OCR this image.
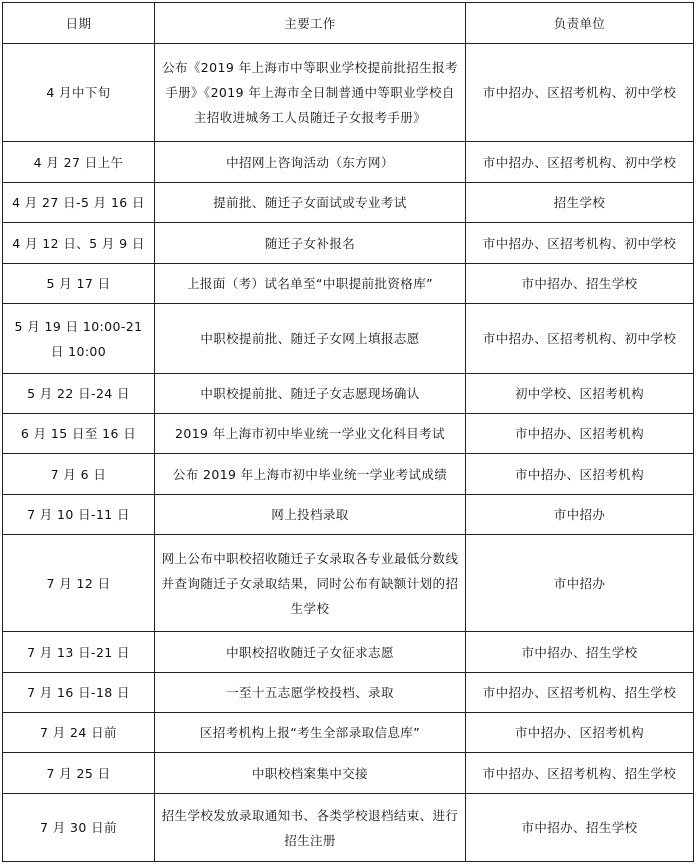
日期	主要工作	负责单位
4 月中下旬	公布《2019 年上海市中等职业学校提前批招生报考手册》《2019 年上海市全日制普通中等职业学校自主招收进城务工人员随迁子女报考手册》	市中招办、区招考机构、初中学校
4 月 27 日上午	中招网上咨询活动（东方网）	市中招办、区招考机构、初中学校
4 月 27 日-5 月 16 日	提前批、随迁子女面试或专业考试	招生学校
4 月 12 日、5 月 9 日	随迁子女补报名	市中招办、区招考机构、初中学校
5 月 17 日	上报面（考）试名单至“中职提前批资格库”	市中招办、招生学校
5 月 19 日 10:00-21 日 10:00	中职校提前批、随迁子女网上填报志愿	市中招办、区招考机构、初中学校
5 月 22 日-24 日	中职校提前批、随迁子女志愿现场确认	初中学校、区招考机构
6 月 15 日至 16 日	2019 年上海市初中毕业统一学业文化科目考试	市中招办、区招考机构
7 月 6 日	公布 2019 年上海市初中毕业统一学业考试成绩	市中招办、区招考机构
7 月 10 日-11 日	网上投档录取	市中招办
7 月 12 日	网上公布中职校招收随迁子女录取各专业最低分数线并查询随迁子女录取结果，同时公布有缺额计划的招生学校	市中招办
7 月 13 日-21 日	中职校招收随迁子女征求志愿	市中招办、招生学校
7 月 16 日-18 日	一至十五志愿学校投档、录取	市中招办、区招考机构、招生学校
7 月 24 日前	区招考机构上报“考生全部录取信息库”	市中招办、区招考机构
7 月 25 日	中职校档案集中交接	市中招办、区招考机构、招生学校
7 月 30 日前	招生学校发放录取通知书、各类学校退档结束、进行招生注册	市中招办、招生学校
